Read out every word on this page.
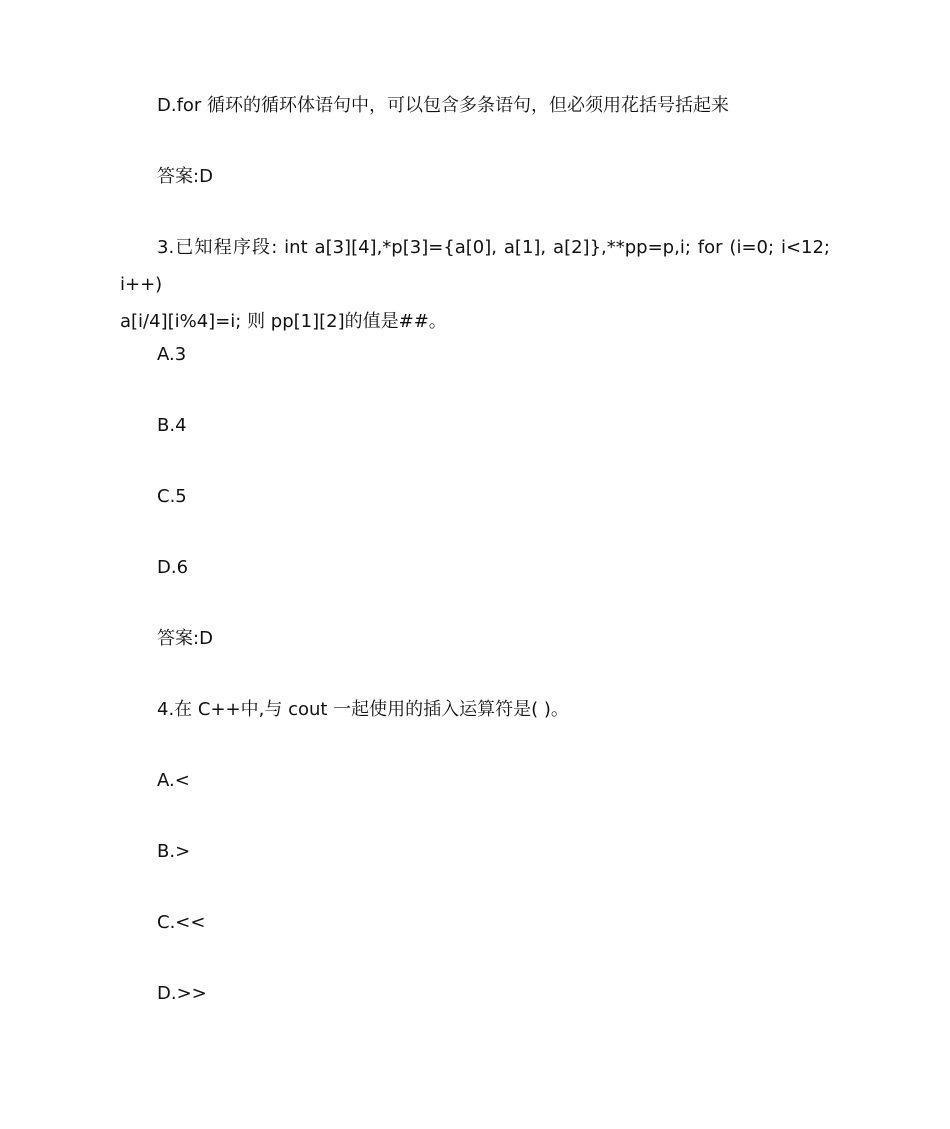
D.for 循环的循环体语句中，可以包含多条语句，但必须用花括号括起来
答案:D
3.已知程序段: int a[3][4],*p[3]={a[0], a[1], a[2]},**pp=p,i; for (i=0; i<12; i++)
a[i/4][i%4]=i; 则 pp[1][2]的值是##。
A.3
B.4
C.5
D.6
答案:D
4.在 C++中,与 cout 一起使用的插入运算符是( )。
A.<
B.>
C.<<
D.>>
